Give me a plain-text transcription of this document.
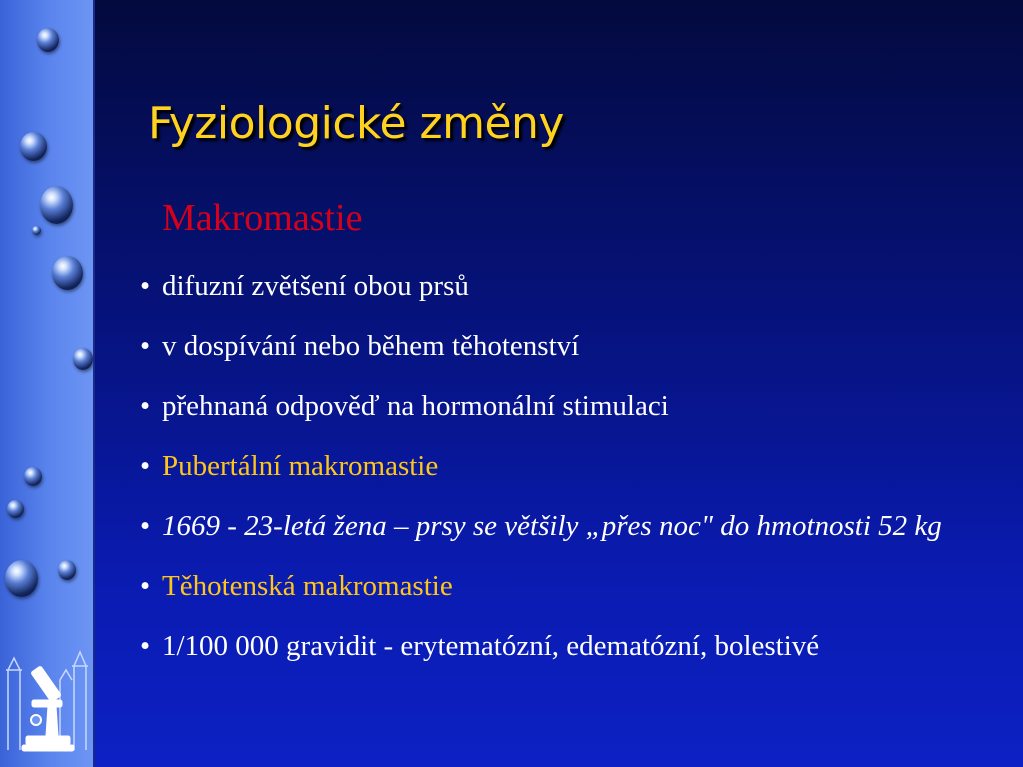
Fyziologické změny
Makromastie
• difuzní zvětšení obou prsů
• v dospívání nebo během těhotenství
• přehnaná odpověď na hormonální stimulaci
• Pubertální makromastie
• 1669 - 23-letá žena – prsy se většily „přes noc" do hmotnosti 52 kg
• Těhotenská makromastie
• 1/100 000 gravidit - erytematózní, edematózní, bolestivé
